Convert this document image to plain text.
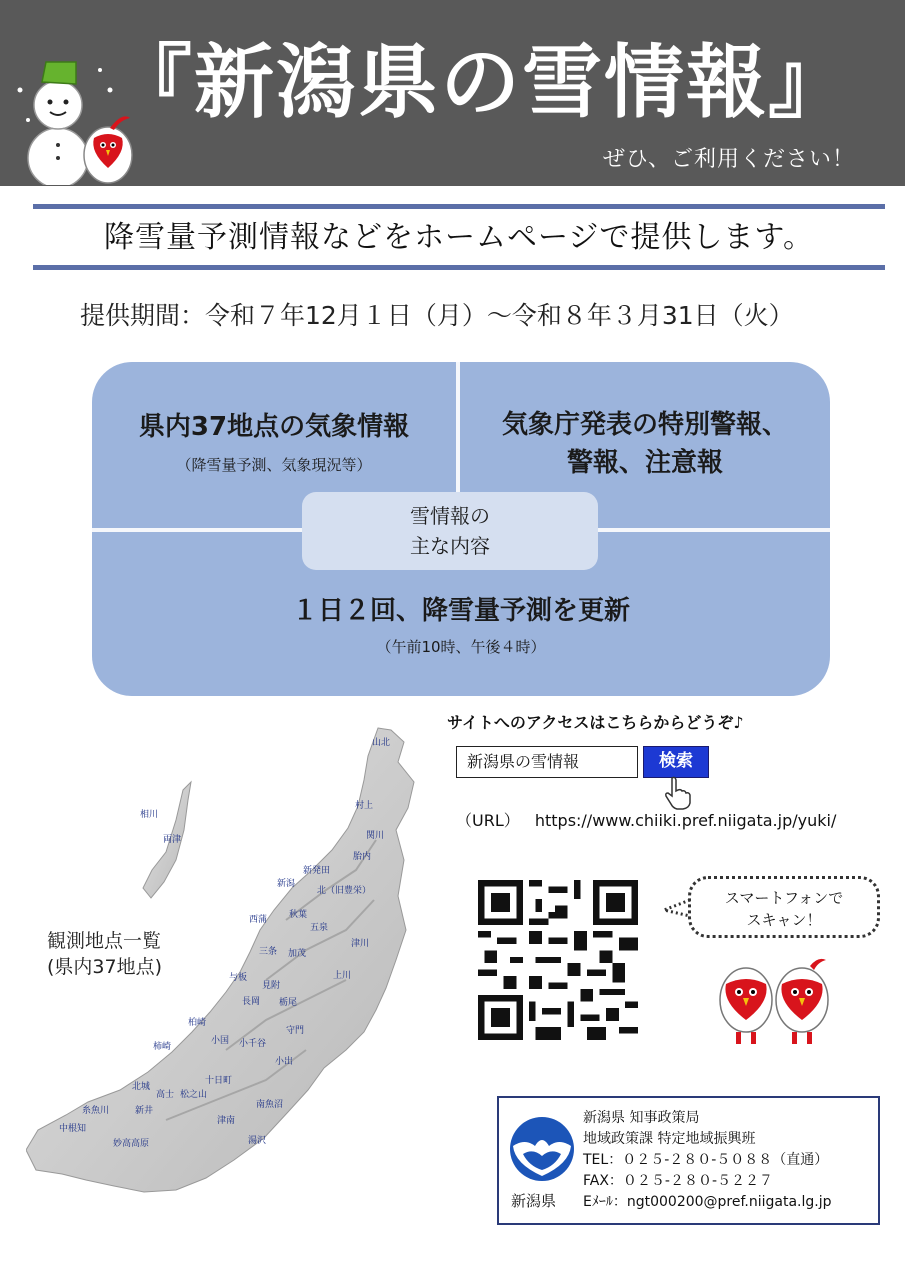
『新潟県の雪情報』
ぜひ、ご利用ください！
降雪量予測情報などをホームページで提供します。
提供期間：令和７年12月１日（月）～令和８年３月31日（火）
県内37地点の気象情報
（降雪量予測、気象現況等）
気象庁発表の特別警報、
警報、注意報
１日２回、降雪量予測を更新
（午前10時、午後４時）
雪情報の
主な内容
山北
相川
両津
村上
関川
胎内
新発田
新潟
北（旧豊栄）
西蒲 秋葉
五泉
津川
三条 加茂
与板
見附
上川
長岡 栃尾
柏崎
守門
小国 小千谷
柿崎
小出
十日町
北城
高士 松之山
南魚沼
糸魚川	新井
中根知
津南
妙高高原	湯沢
観測地点一覧
(県内37地点)
サイトへのアクセスはこちらからどうぞ♪
新潟県の雪情報	検索
（URL） https://www.chiiki.pref.niigata.jp/yuki/
スマートフォンで
スキャン！
新潟県
新潟県 知事政策局
地域政策課 特定地域振興班
TEL：０２５-２８０-５０８８（直通）
FAX：０２５-２８０-５２２７
Eﾒｰﾙ：ngt000200@pref.niigata.lg.jp
